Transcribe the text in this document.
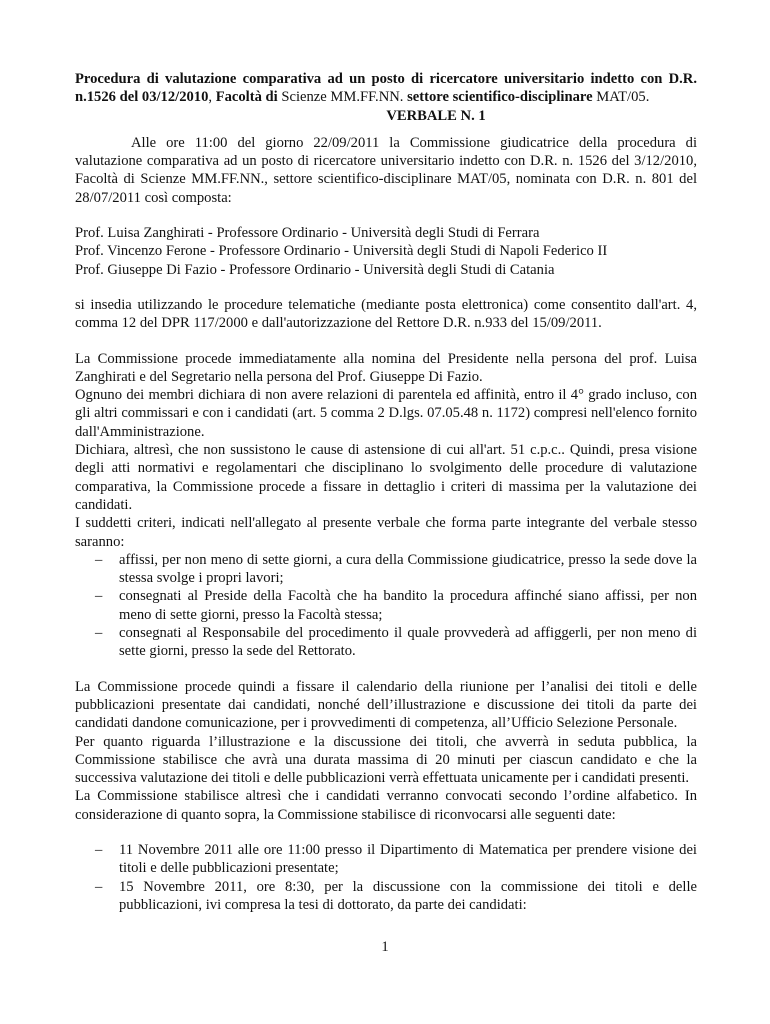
Procedura di valutazione comparativa ad un posto di ricercatore universitario indetto con D.R. n.1526 del 03/12/2010, Facoltà di Scienze MM.FF.NN. settore scientifico-disciplinare MAT/05.

VERBALE N. 1

Alle ore 11:00 del giorno 22/09/2011 la Commissione giudicatrice della procedura di valutazione comparativa ad un posto di ricercatore universitario indetto con D.R. n. 1526 del 3/12/2010, Facoltà di Scienze MM.FF.NN., settore scientifico-disciplinare MAT/05, nominata con D.R. n. 801 del 28/07/2011 così composta:

Prof. Luisa Zanghirati - Professore Ordinario - Università degli Studi di Ferrara

Prof. Vincenzo Ferone - Professore Ordinario - Università degli Studi di Napoli Federico II

Prof. Giuseppe Di Fazio - Professore Ordinario - Università degli Studi di Catania

si insedia utilizzando le procedure telematiche (mediante posta elettronica) come consentito dall'art. 4, comma 12 del DPR 117/2000 e dall'autorizzazione del Rettore D.R. n.933 del 15/09/2011.

La Commissione procede immediatamente alla nomina del Presidente nella persona del prof. Luisa Zanghirati e del Segretario nella persona del Prof. Giuseppe Di Fazio.

Ognuno dei membri dichiara di non avere relazioni di parentela ed affinità, entro il 4° grado incluso, con gli altri commissari e con i candidati (art. 5 comma 2 D.lgs. 07.05.48 n. 1172) compresi nell'elenco fornito dall'Amministrazione.

Dichiara, altresì, che non sussistono le cause di astensione di cui all'art. 51 c.p.c.. Quindi, presa visione degli atti normativi e regolamentari che disciplinano lo svolgimento delle procedure di valutazione comparativa, la Commissione procede a fissare in dettaglio i criteri di massima per la valutazione dei candidati.

I suddetti criteri, indicati nell'allegato al presente verbale che forma parte integrante del verbale stesso saranno:

– affissi, per non meno di sette giorni, a cura della Commissione giudicatrice, presso la sede dove la stessa svolge i propri lavori;
– consegnati al Preside della Facoltà che ha bandito la procedura affinché siano affissi, per non meno di sette giorni, presso la Facoltà stessa;
– consegnati al Responsabile del procedimento il quale provvederà ad affiggerli, per non meno di sette giorni, presso la sede del Rettorato.

La Commissione procede quindi a fissare il calendario della riunione per l’analisi dei titoli e delle pubblicazioni presentate dai candidati, nonché dell’illustrazione e discussione dei titoli da parte dei candidati dandone comunicazione, per i provvedimenti di competenza, all’Ufficio Selezione Personale.

Per quanto riguarda l’illustrazione e la discussione dei titoli, che avverrà in seduta pubblica, la Commissione stabilisce che avrà una durata massima di 20 minuti per ciascun candidato e che la successiva valutazione dei titoli e delle pubblicazioni verrà effettuata unicamente per i candidati presenti.

La Commissione stabilisce altresì che i candidati verranno convocati secondo l’ordine alfabetico. In considerazione di quanto sopra, la Commissione stabilisce di riconvocarsi alle seguenti date:

– 11 Novembre 2011 alle ore 11:00 presso il Dipartimento di Matematica per prendere visione dei titoli e delle pubblicazioni presentate;
– 15 Novembre 2011, ore 8:30, per la discussione con la commissione dei titoli e delle pubblicazioni, ivi compresa la tesi di dottorato, da parte dei candidati:
1
